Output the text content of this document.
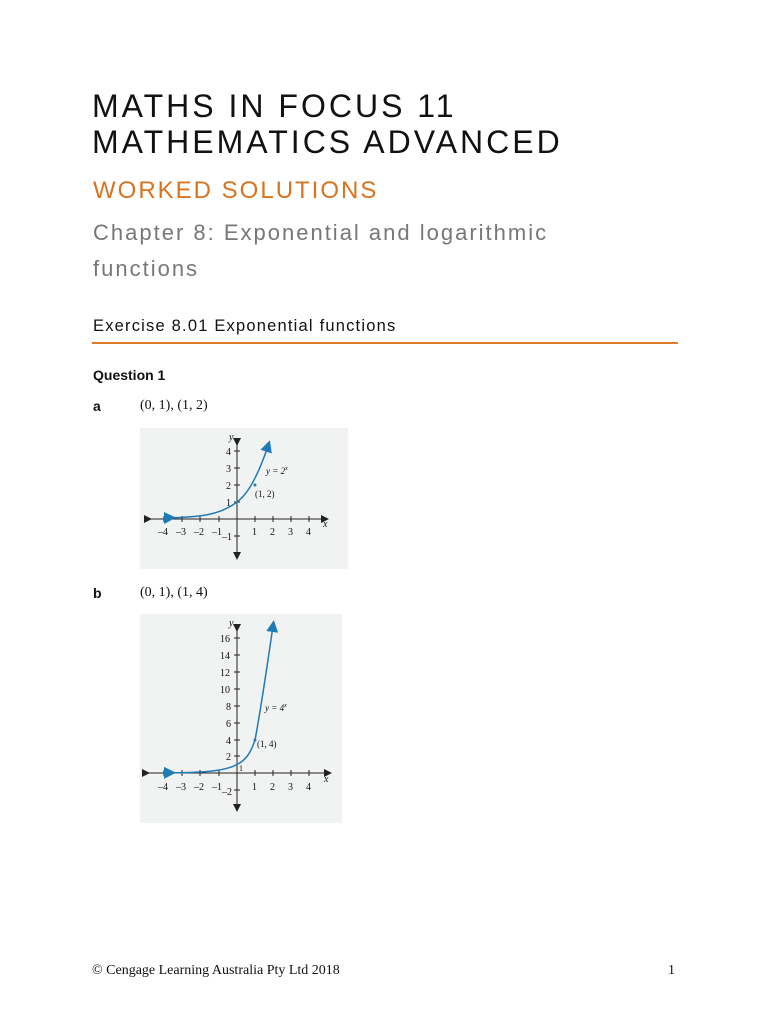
MATHS IN FOCUS 11
MATHEMATICS ADVANCED
WORKED SOLUTIONS
Chapter 8: Exponential and logarithmic
functions
Exercise 8.01 Exponential functions
Question 1
a	(0, 1), (1, 2)
y
x
–4 –3 –2 –1	1 2 3 4
4
3
2
1
–1
$y = 2^x$
(1, 2)
b	(0, 1), (1, 4)
y
x
–4 –3 –2 –1	1 2 3 4
16
14
12
10
8
6
4
2
1
–2
$y = 4^x$
(1, 4)
© Cengage Learning Australia Pty Ltd 2018	1
